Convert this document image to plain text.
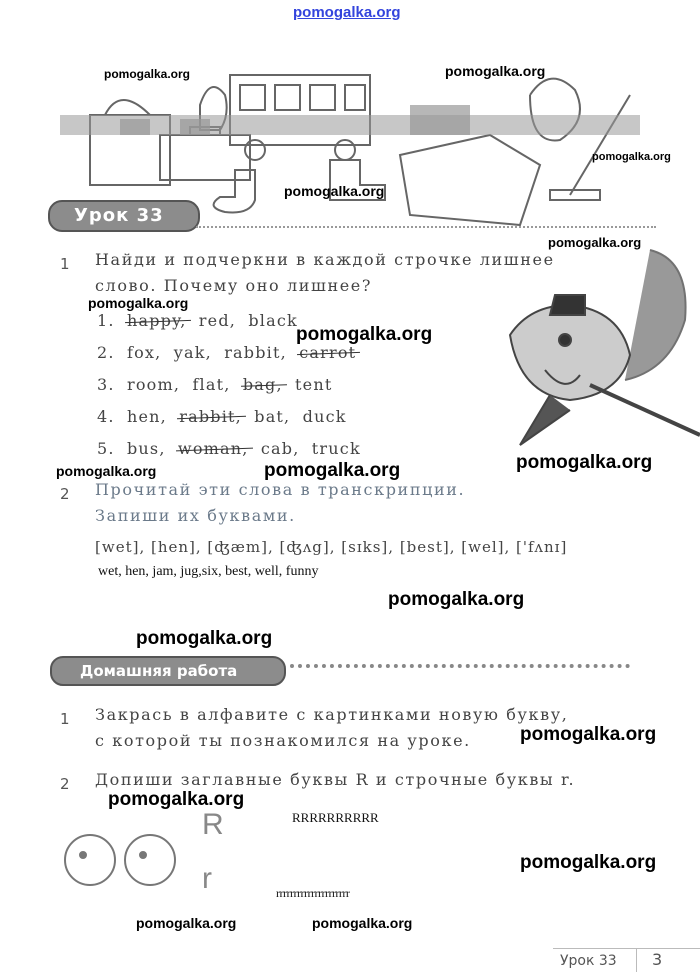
pomogalka.org
Урок 33
1 Найди и подчеркни в каждой строчке лишнее
слово. Почему оно лишнее?
1. happy, red, black
2. fox, yak, rabbit, carrot
3. room, flat, bag, tent
4. hen, rabbit, bat, duck
5. bus, woman, cab, truck
2 Прочитай эти слова в транскрипции.
Запиши их буквами.
[wet], [hen], [ʤæm], [ʤʌg], [sɪks], [best], [wel], ['fʌnɪ]
wet, hen, jam, jug,six, best, well, funny
Домашняя работа
1 Закрась в алфавите с картинками новую букву,
с которой ты познакомился на уроке.
2 Допиши заглавные буквы R и строчные буквы r.
R	RRRRRRRRRR
r	rrrrrrrrrrrrrrrrrrrrr
pomogalka.org	pomogalka.org
pomogalka.org
pomogalka.org
pomogalka.org
pomogalka.org
pomogalka.org
pomogalka.org
pomogalka.org	pomogalka.org
pomogalka.org
pomogalka.org
pomogalka.org
pomogalka.org
pomogalka.org
pomogalka.org	pomogalka.org
Урок 33 3
